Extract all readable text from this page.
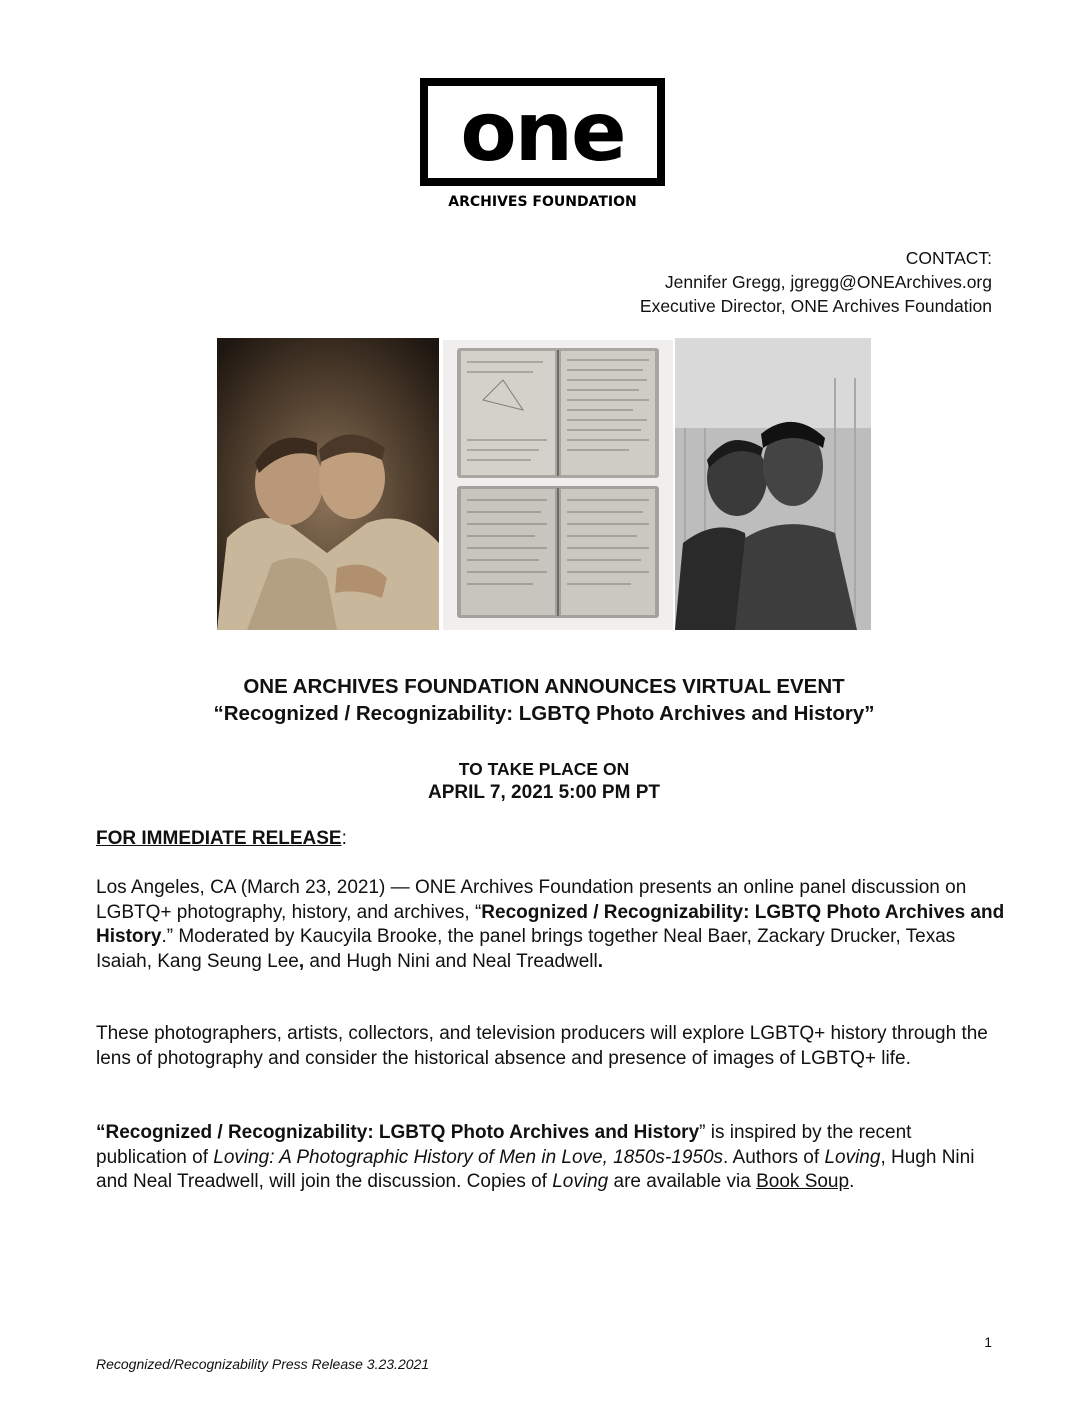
one
ARCHIVES FOUNDATION
CONTACT:
Jennifer Gregg, jgregg@ONEArchives.org
Executive Director, ONE Archives Foundation
ONE ARCHIVES FOUNDATION ANNOUNCES VIRTUAL EVENT
“Recognized / Recognizability: LGBTQ Photo Archives and History”
TO TAKE PLACE ON
APRIL 7, 2021 5:00 PM PT
FOR IMMEDIATE RELEASE:
Los Angeles, CA (March 23, 2021) — ONE Archives Foundation presents an online panel discussion on LGBTQ+ photography, history, and archives, “Recognized / Recognizability: LGBTQ Photo Archives and History.” Moderated by Kaucyila Brooke, the panel brings together Neal Baer, Zackary Drucker, Texas Isaiah, Kang Seung Lee, and Hugh Nini and Neal Treadwell.
These photographers, artists, collectors, and television producers will explore LGBTQ+ history through the lens of photography and consider the historical absence and presence of images of LGBTQ+ life.
“Recognized / Recognizability: LGBTQ Photo Archives and History” is inspired by the recent publication of Loving: A Photographic History of Men in Love, 1850s-1950s. Authors of Loving, Hugh Nini and Neal Treadwell, will join the discussion. Copies of Loving are available via Book Soup.
1
Recognized/Recognizability Press Release 3.23.2021
